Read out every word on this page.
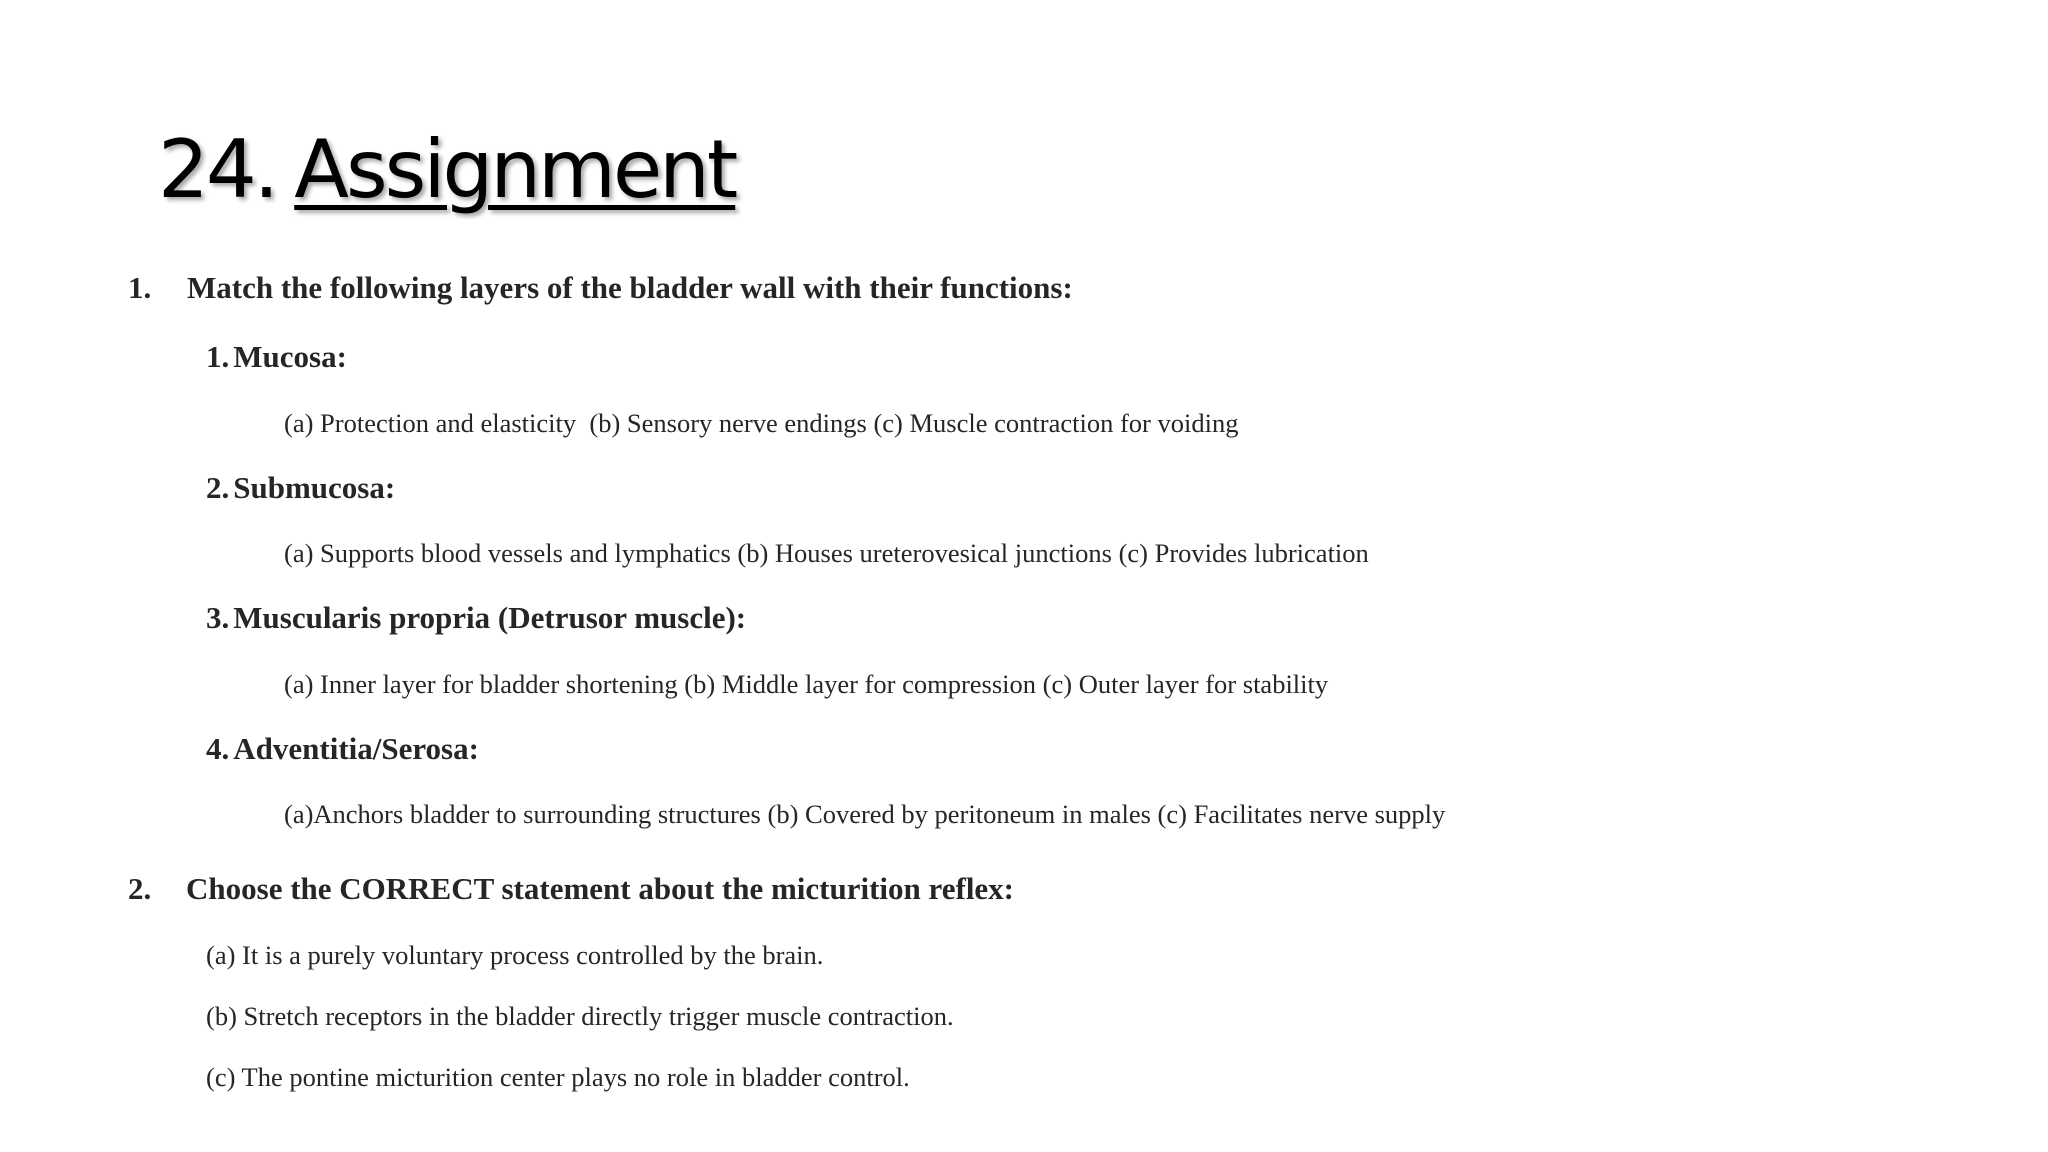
24. Assignment
1. Match the following layers of the bladder wall with their functions:
1. Mucosa:
(a) Protection and elasticity  (b) Sensory nerve endings (c) Muscle contraction for voiding
2. Submucosa:
(a) Supports blood vessels and lymphatics (b) Houses ureterovesical junctions (c) Provides lubrication
3. Muscularis propria (Detrusor muscle):
(a) Inner layer for bladder shortening (b) Middle layer for compression (c) Outer layer for stability
4. Adventitia/Serosa:
(a)Anchors bladder to surrounding structures (b) Covered by peritoneum in males (c) Facilitates nerve supply
2. Choose the CORRECT statement about the micturition reflex:
(a) It is a purely voluntary process controlled by the brain.
(b) Stretch receptors in the bladder directly trigger muscle contraction.
(c) The pontine micturition center plays no role in bladder control.
